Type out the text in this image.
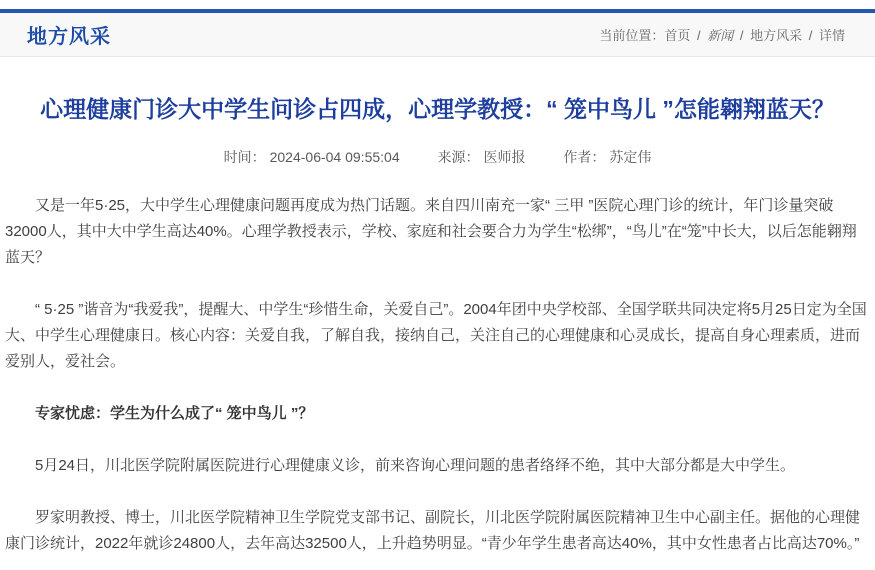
地方风采	当前位置：首页 / 新闻 / 地方风采 / 详情
心理健康门诊大中学生问诊占四成，心理学教授：“ 笼中鸟儿 ”怎能翱翔蓝天？
时间： 2024-06-04 09:55:04	来源： 医师报	作者： 苏定伟

又是一年5·25，大中学生心理健康问题再度成为热门话题。来自四川南充一家“ 三甲 ”医院心理门诊的统计，年门诊量突破32000人，其中大中学生高达40%。心理学教授表示，学校、家庭和社会要合力为学生“松绑”，“鸟儿”在“笼”中长大，以后怎能翱翔蓝天？

“ 5·25 ”谐音为“我爱我”，提醒大、中学生“珍惜生命，关爱自己”。2004年团中央学校部、全国学联共同决定将5月25日定为全国大、中学生心理健康日。核心内容：关爱自我，了解自我，接纳自己，关注自己的心理健康和心灵成长，提高自身心理素质，进而爱别人，爱社会。

专家忧虑：学生为什么成了“ 笼中鸟儿 ”？

5月24日，川北医学院附属医院进行心理健康义诊，前来咨询心理问题的患者络绎不绝，其中大部分都是大中学生。

罗家明教授、博士，川北医学院精神卫生学院党支部书记、副院长，川北医学院附属医院精神卫生中心副主任。据他的心理健康门诊统计，2022年就诊24800人，去年高达32500人，上升趋势明显。“青少年学生患者高达40%，其中女性患者占比高达70%。”
